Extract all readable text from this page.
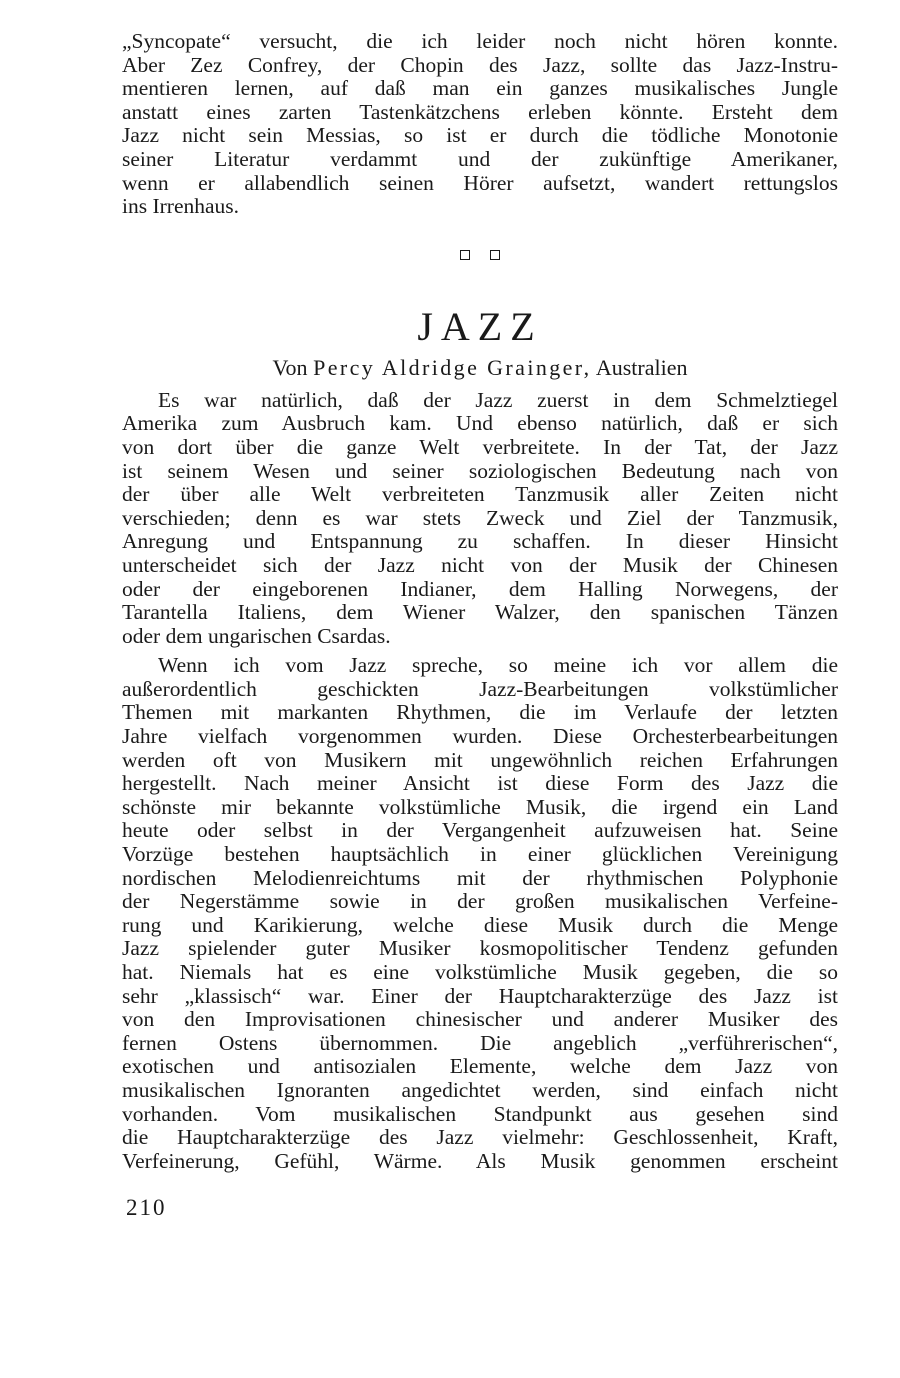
„Syncopate“ versucht, die ich leider noch nicht hören konnte.
Aber Zez Confrey, der Chopin des Jazz, sollte das Jazz-Instru-
mentieren lernen, auf daß man ein ganzes musikalisches Jungle
anstatt eines zarten Tastenkätzchens erleben könnte. Ersteht dem
Jazz nicht sein Messias, so ist er durch die tödliche Monotonie
seiner Literatur verdammt und der zukünftige Amerikaner,
wenn er allabendlich seinen Hörer aufsetzt, wandert rettungslos
ins Irrenhaus.
JAZZ
Von Percy Aldridge Grainger, Australien
Es war natürlich, daß der Jazz zuerst in dem Schmelztiegel
Amerika zum Ausbruch kam. Und ebenso natürlich, daß er sich
von dort über die ganze Welt verbreitete. In der Tat, der Jazz
ist seinem Wesen und seiner soziologischen Bedeutung nach von
der über alle Welt verbreiteten Tanzmusik aller Zeiten nicht
verschieden; denn es war stets Zweck und Ziel der Tanzmusik,
Anregung und Entspannung zu schaffen. In dieser Hinsicht
unterscheidet sich der Jazz nicht von der Musik der Chinesen
oder der eingeborenen Indianer, dem Halling Norwegens, der
Tarantella Italiens, dem Wiener Walzer, den spanischen Tänzen
oder dem ungarischen Csardas.
Wenn ich vom Jazz spreche, so meine ich vor allem die
außerordentlich geschickten Jazz-Bearbeitungen volkstümlicher
Themen mit markanten Rhythmen, die im Verlaufe der letzten
Jahre vielfach vorgenommen wurden. Diese Orchesterbearbeitungen
werden oft von Musikern mit ungewöhnlich reichen Erfahrungen
hergestellt. Nach meiner Ansicht ist diese Form des Jazz die
schönste mir bekannte volkstümliche Musik, die irgend ein Land
heute oder selbst in der Vergangenheit aufzuweisen hat. Seine
Vorzüge bestehen hauptsächlich in einer glücklichen Vereinigung
nordischen Melodienreichtums mit der rhythmischen Polyphonie
der Negerstämme sowie in der großen musikalischen Verfeine-
rung und Karikierung, welche diese Musik durch die Menge
Jazz spielender guter Musiker kosmopolitischer Tendenz gefunden
hat. Niemals hat es eine volkstümliche Musik gegeben, die so
sehr „klassisch“ war. Einer der Hauptcharakterzüge des Jazz ist
von den Improvisationen chinesischer und anderer Musiker des
fernen Ostens übernommen. Die angeblich „verführerischen“,
exotischen und antisozialen Elemente, welche dem Jazz von
musikalischen Ignoranten angedichtet werden, sind einfach nicht
vorhanden. Vom musikalischen Standpunkt aus gesehen sind
die Hauptcharakterzüge des Jazz vielmehr: Geschlossenheit, Kraft,
Verfeinerung, Gefühl, Wärme. Als Musik genommen erscheint
210
